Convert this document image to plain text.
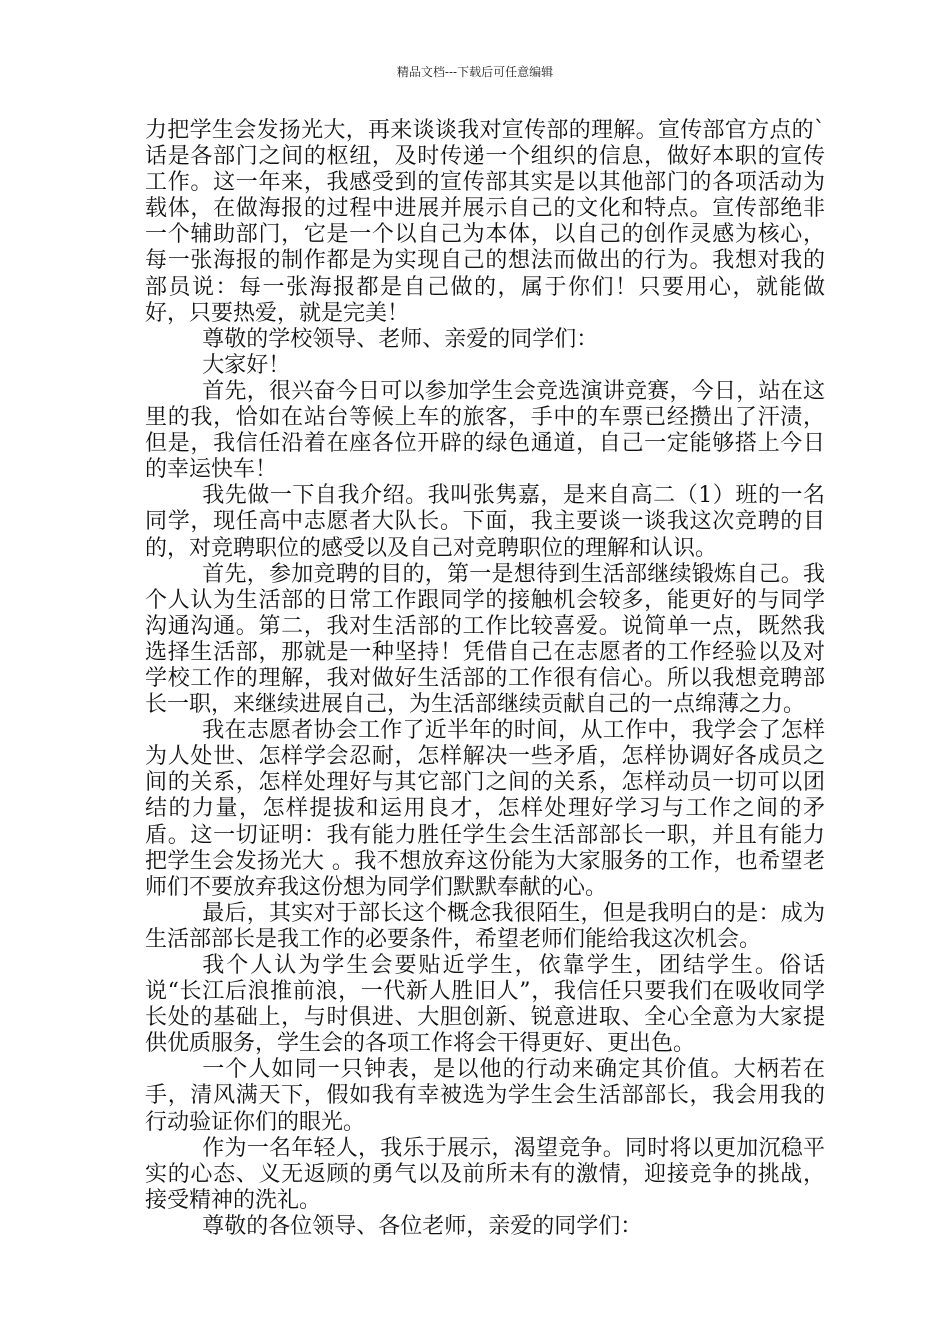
精品文档---下载后可任意编辑

力把学生会发扬光大，再来谈谈我对宣传部的理解。宣传部官方点的`话是各部门之间的枢纽，及时传递一个组织的信息，做好本职的宣传工作。这一年来，我感受到的宣传部其实是以其他部门的各项活动为载体，在做海报的过程中进展并展示自己的文化和特点。宣传部绝非一个辅助部门，它是一个以自己为本体，以自己的创作灵感为核心，每一张海报的制作都是为实现自己的想法而做出的行为。我想对我的部员说：每一张海报都是自己做的，属于你们！只要用心，就能做好，只要热爱，就是完美！

尊敬的学校领导、老师、亲爱的同学们：

大家好！

首先，很兴奋今日可以参加学生会竞选演讲竞赛，今日，站在这里的我，恰如在站台等候上车的旅客，手中的车票已经攒出了汗渍，但是，我信任沿着在座各位开辟的绿色通道，自己一定能够搭上今日的幸运快车！

我先做一下自我介绍。我叫张隽嘉，是来自高二（1）班的一名同学，现任高中志愿者大队长。下面，我主要谈一谈我这次竞聘的目的，对竞聘职位的感受以及自己对竞聘职位的理解和认识。

首先，参加竞聘的目的，第一是想待到生活部继续锻炼自己。我个人认为生活部的日常工作跟同学的接触机会较多，能更好的与同学沟通沟通。第二，我对生活部的工作比较喜爱。说简单一点，既然我选择生活部，那就是一种坚持！凭借自己在志愿者的工作经验以及对学校工作的理解，我对做好生活部的工作很有信心。所以我想竞聘部长一职，来继续进展自己，为生活部继续贡献自己的一点绵薄之力。

我在志愿者协会工作了近半年的时间，从工作中，我学会了怎样为人处世、怎样学会忍耐，怎样解决一些矛盾，怎样协调好各成员之间的关系，怎样处理好与其它部门之间的关系，怎样动员一切可以团结的力量，怎样提拔和运用良才，怎样处理好学习与工作之间的矛盾。这一切证明：我有能力胜任学生会生活部部长一职，并且有能力把学生会发扬光大 。我不想放弃这份能为大家服务的工作，也希望老师们不要放弃我这份想为同学们默默奉献的心。

最后，其实对于部长这个概念我很陌生，但是我明白的是：成为生活部部长是我工作的必要条件，希望老师们能给我这次机会。

我个人认为学生会要贴近学生，依靠学生，团结学生。俗话说“长江后浪推前浪，一代新人胜旧人”，我信任只要我们在吸收同学长处的基础上，与时俱进、大胆创新、锐意进取、全心全意为大家提供优质服务，学生会的各项工作将会干得更好、更出色。

一个人如同一只钟表，是以他的行动来确定其价值。大柄若在手，清风满天下，假如我有幸被选为学生会生活部部长，我会用我的行动验证你们的眼光。

作为一名年轻人，我乐于展示，渴望竞争。同时将以更加沉稳平实的心态、义无返顾的勇气以及前所未有的激情，迎接竞争的挑战，接受精神的洗礼。

尊敬的各位领导、各位老师，亲爱的同学们：
